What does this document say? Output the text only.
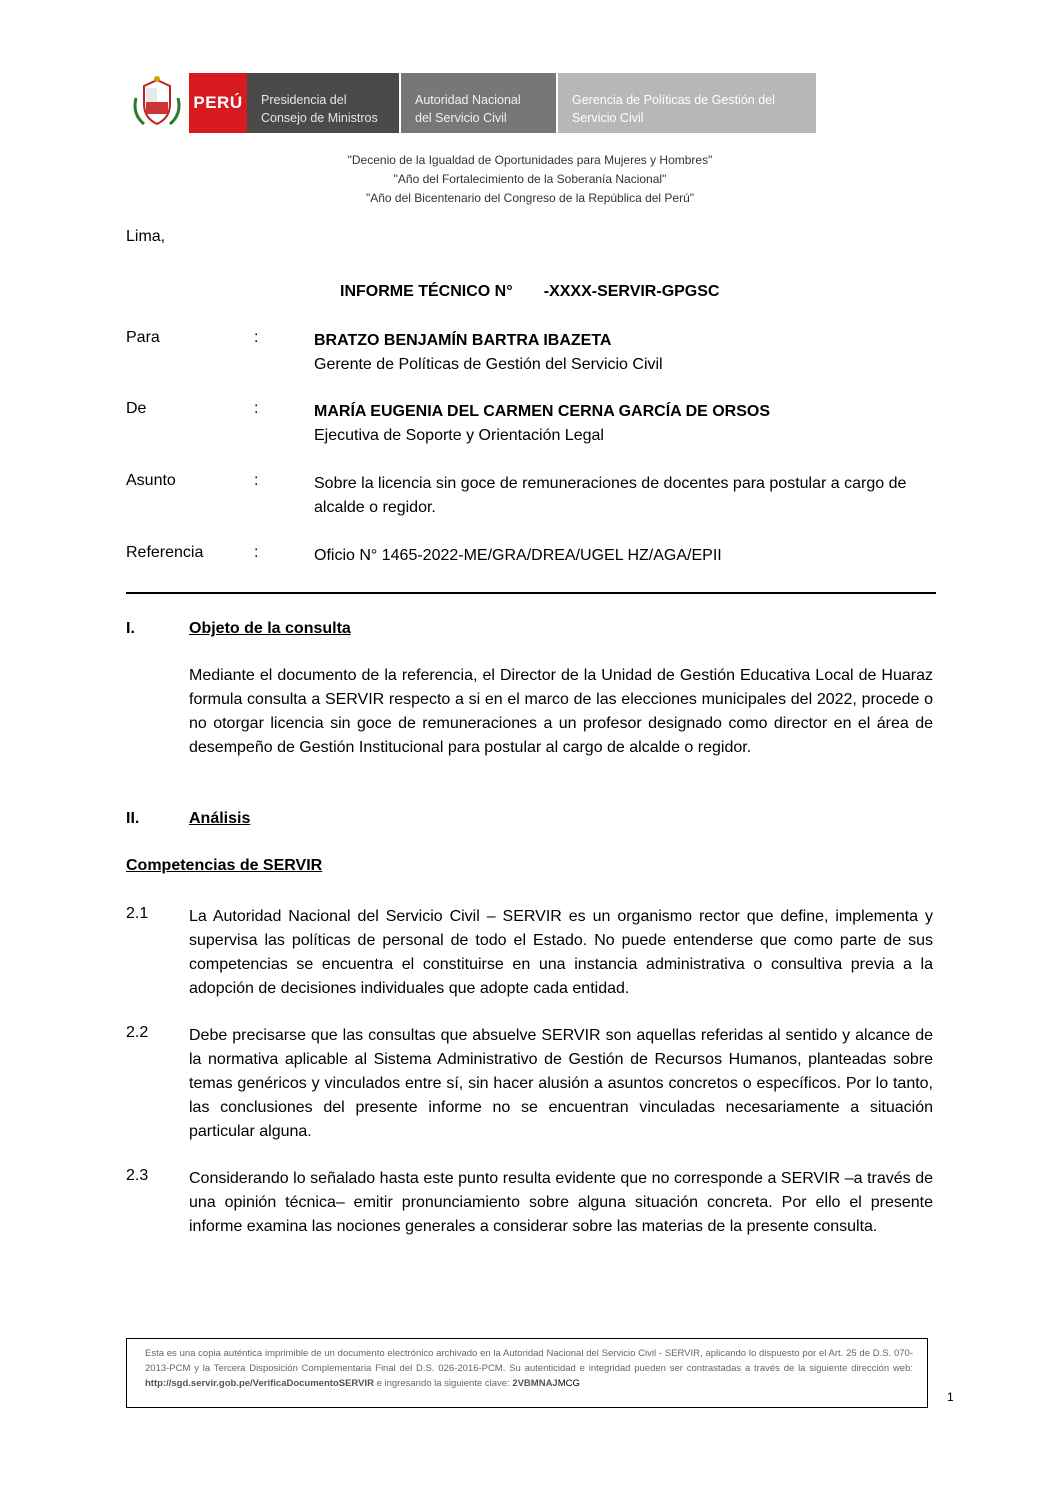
PERÚ Presidencia del
Consejo de Ministros
Autoridad Nacional
del Servicio Civil
Gerencia de Políticas de Gestión del
Servicio Civil
"Decenio de la Igualdad de Oportunidades para Mujeres y Hombres"
"Año del Fortalecimiento de la Soberanía Nacional"
"Año del Bicentenario del Congreso de la República del Perú"
Lima,
INFORME TÉCNICO N°       -XXXX-SERVIR-GPGSC
Para	:	BRATZO BENJAMÍN BARTRA IBAZETA
Gerente de Políticas de Gestión del Servicio Civil
De	:	MARÍA EUGENIA DEL CARMEN CERNA GARCÍA DE ORSOS
Ejecutiva de Soporte y Orientación Legal
Asunto	:	Sobre la licencia sin goce de remuneraciones de docentes para postular a cargo de alcalde o regidor.
Referencia	:	Oficio N° 1465-2022-ME/GRA/DREA/UGEL HZ/AGA/EPII
I.	Objeto de la consulta
Mediante el documento de la referencia, el Director de la Unidad de Gestión Educativa Local de Huaraz formula consulta a SERVIR respecto a si en el marco de las elecciones municipales del 2022, procede o no otorgar licencia sin goce de remuneraciones a un profesor designado como director en el área de desempeño de Gestión Institucional para postular al cargo de alcalde o regidor.
II.	Análisis
Competencias de SERVIR
2.1	La Autoridad Nacional del Servicio Civil – SERVIR es un organismo rector que define, implementa y supervisa las políticas de personal de todo el Estado. No puede entenderse que como parte de sus competencias se encuentra el constituirse en una instancia administrativa o consultiva previa a la adopción de decisiones individuales que adopte cada entidad.
2.2	Debe precisarse que las consultas que absuelve SERVIR son aquellas referidas al sentido y alcance de la normativa aplicable al Sistema Administrativo de Gestión de Recursos Humanos, planteadas sobre temas genéricos y vinculados entre sí, sin hacer alusión a asuntos concretos o específicos. Por lo tanto, las conclusiones del presente informe no se encuentran vinculadas necesariamente a situación particular alguna.
2.3	Considerando lo señalado hasta este punto resulta evidente que no corresponde a SERVIR –a través de una opinión técnica– emitir pronunciamiento sobre alguna situación concreta. Por ello el presente informe examina las nociones generales a considerar sobre las materias de la presente consulta.
Esta es una copia auténtica imprimible de un documento electrónico archivado en la Autoridad Nacional del Servicio Civil - SERVIR, aplicando lo dispuesto por el Art. 25 de D.S. 070-2013-PCM y la Tercera Disposición Complementaria Final del D.S. 026-2016-PCM. Su autenticidad e integridad pueden ser contrastadas a través de la siguiente dirección web: http://sgd.servir.gob.pe/VerificaDocumentoSERVIR e ingresando la siguiente clave: 2VBMNAJMCG
1
